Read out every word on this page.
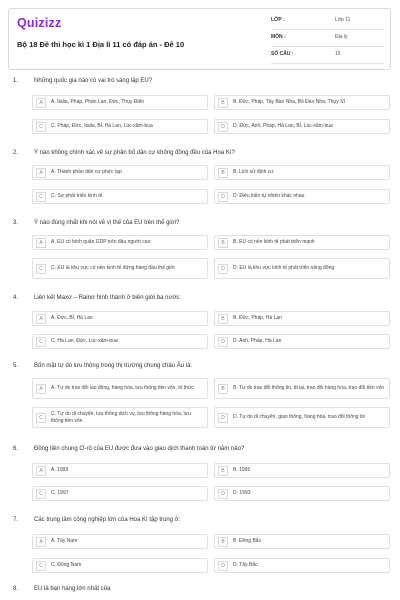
Quizizz
Bộ 18 Đề thi học kì 1 Địa lí 11 có đáp án - Đề 10
LỚP :	Lớp 11
MÔN :	Địa lý
SỐ CÂU :	16
1.	Những quốc gia nào có vai trò sáng lập EU?
A	A. Italia, Pháp, Phần Lan, Đức, Thụy Điển	B	B. Đức, Pháp, Tây Ban Nha, Bồ Đào Nha, Thụy Sĩ
C	C. Pháp, Đức, Italia, Bỉ, Hà Lan, Lúc-xăm-bua	D	D. Đức, Anh, Pháp, Hà Lan, Bỉ, Lúc-xăm-bua
2.	Ý nào không chính xác về sự phân bố dân cư không đồng đều của Hoa Kì?
A	A. Thành phần dân cư phức tạp	B	B. Lịch sử định cư
C	C. Sự phát triển kinh tế	D	D. Điều kiện tự nhiên khác nhau
3.	Ý nào đúng nhất khi nói về vị thế của EU trên thế giới?
A	A. EU có bình quân GDP trên đầu người cao	B	B. EU có nền kinh tế phát triển mạnh
C	C. EU là khu vực có nền kinh tế đứng hàng đầu thế giới	D	D. EU là khu vực kinh tế phát triển năng động
4.	Liên kết Maxơ – Rainơ hình thành ở biên giới ba nước:
A	A. Đức, Bỉ, Hà Lan	B	B. Đức, Pháp, Hà Lan
C	C. Hà Lan, Đức, Lúc-xăm-bua	D	D. Anh, Pháp, Hà Lan
5.	Bốn mặt tự do lưu thông trong thị trường chung châu Âu là:
A	A. Tự do trao đổi lao động, hàng hóa, lưu thông tiền vốn, tri thức	B	B. Tự do trao đổi thông tin, đi lại, trao đổi hàng hóa, trao đổi tiền vốn
C
C. Tự do di chuyển, lưu thông dịch vụ, lưu thông hàng hóa, lưu thông tiền vốn	D	D. Tự do di chuyển, giao thông, hàng hóa, trao đổi thông tin
6.	Đồng tiền chung Ơ-rô của EU được đưa vào giao dịch thanh toán từ năm nào?
A	A. 1999	B	B. 1995
C	C. 1997	D	D. 1993
7.	Các trung tâm công nghiệp lớn của Hoa Kì tập trung ở:
A	A. Tây Nam	B	B. Đông Bắc
C	C. Đông Nam	D	D. Tây Bắc
8.	EU là bạn hàng lớn nhất của
